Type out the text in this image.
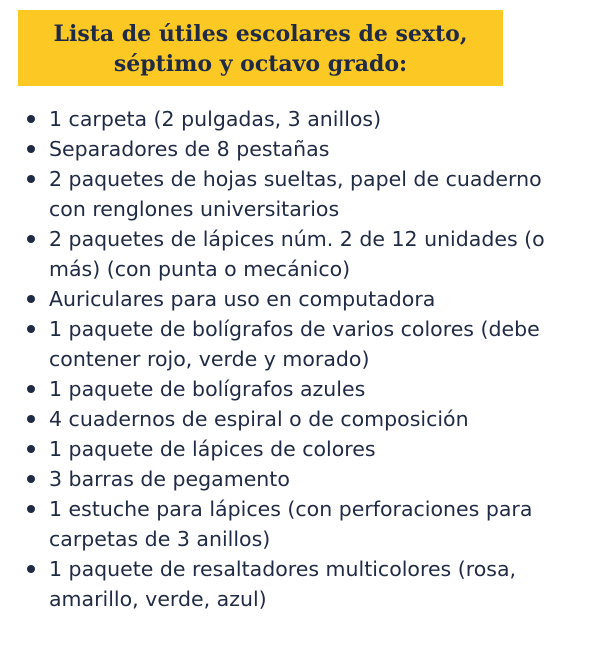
Lista de útiles escolares de sexto,
séptimo y octavo grado:
1 carpeta (2 pulgadas, 3 anillos)
Separadores de 8 pestañas
2 paquetes de hojas sueltas, papel de cuaderno
con renglones universitarios
2 paquetes de lápices núm. 2 de 12 unidades (o
más) (con punta o mecánico)
Auriculares para uso en computadora
1 paquete de bolígrafos de varios colores (debe
contener rojo, verde y morado)
1 paquete de bolígrafos azules
4 cuadernos de espiral o de composición
1 paquete de lápices de colores
3 barras de pegamento
1 estuche para lápices (con perforaciones para
carpetas de 3 anillos)
1 paquete de resaltadores multicolores (rosa,
amarillo, verde, azul)
